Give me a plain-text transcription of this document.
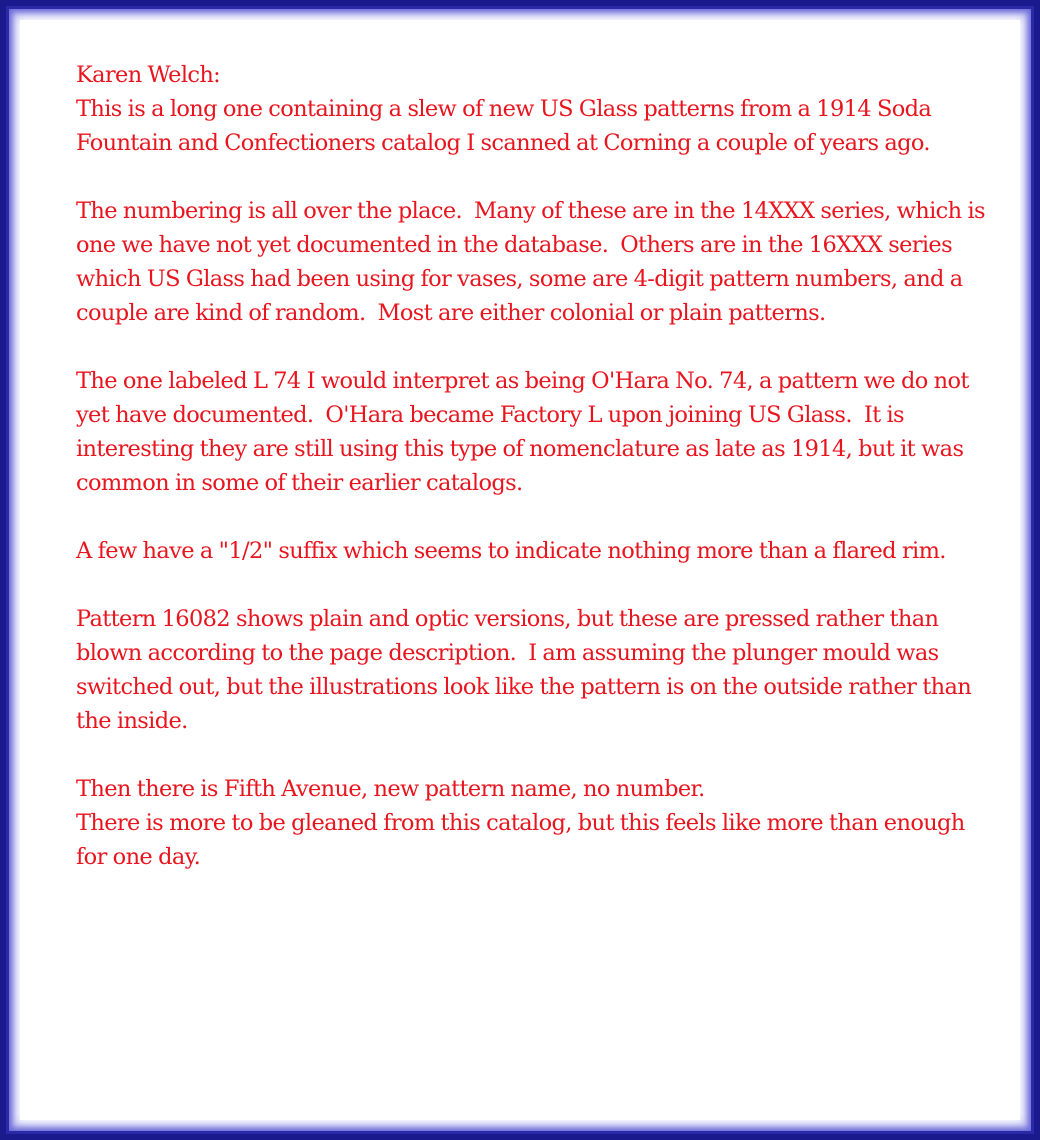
Karen Welch:

This is a long one containing a slew of new US Glass patterns from a 1914 Soda Fountain and Confectioners catalog I scanned at Corning a couple of years ago.

The numbering is all over the place.  Many of these are in the 14XXX series, which is one we have not yet documented in the database.  Others are in the 16XXX series which US Glass had been using for vases, some are 4-digit pattern numbers, and a couple are kind of random.  Most are either colonial or plain patterns.

The one labeled L 74 I would interpret as being O'Hara No. 74, a pattern we do not yet have documented.  O'Hara became Factory L upon joining US Glass.  It is interesting they are still using this type of nomenclature as late as 1914, but it was common in some of their earlier catalogs.

A few have a "1/2" suffix which seems to indicate nothing more than a flared rim.

Pattern 16082 shows plain and optic versions, but these are pressed rather than blown according to the page description.  I am assuming the plunger mould was switched out, but the illustrations look like the pattern is on the outside rather than the inside.

Then there is Fifth Avenue, new pattern name, no number.

There is more to be gleaned from this catalog, but this feels like more than enough for one day.
